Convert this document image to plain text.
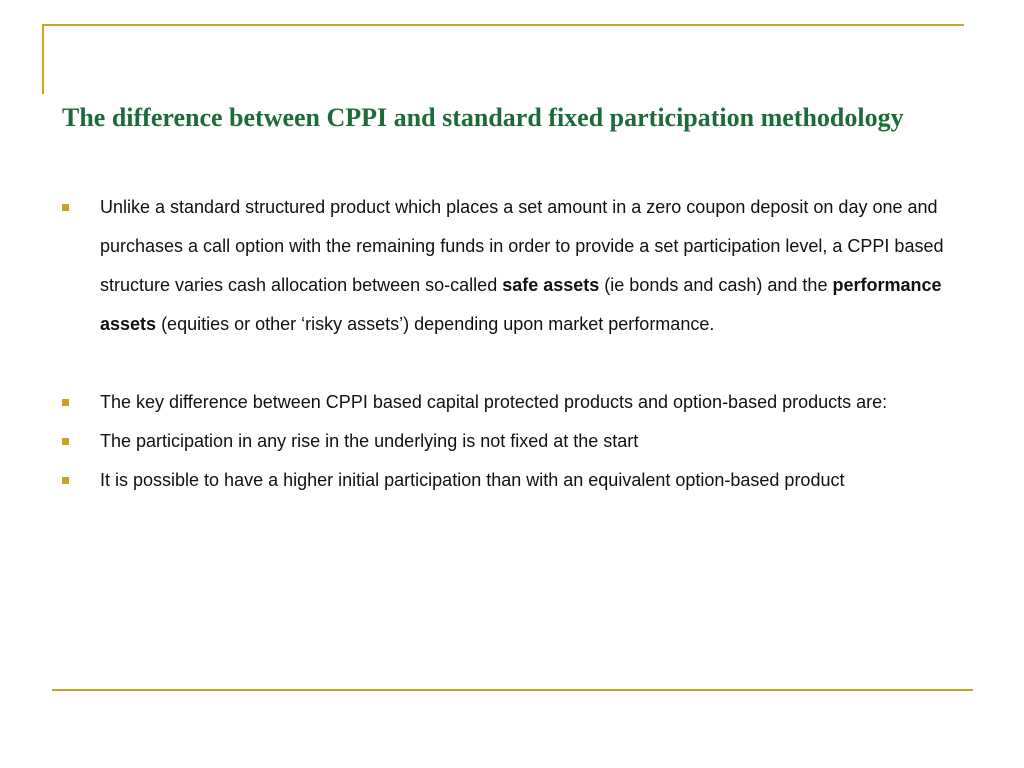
The difference between CPPI and standard fixed participation methodology
Unlike a standard structured product which places a set amount in a zero coupon deposit on day one and purchases a call option with the remaining funds in order to provide a set participation level, a CPPI based structure varies cash allocation between so-called safe assets (ie bonds and cash) and the performance assets (equities or other ‘risky assets’) depending upon market performance.
The key difference between CPPI based capital protected products and option-based products are:
The participation in any rise in the underlying is not fixed at the start
It is possible to have a higher initial participation than with an equivalent option-based product
